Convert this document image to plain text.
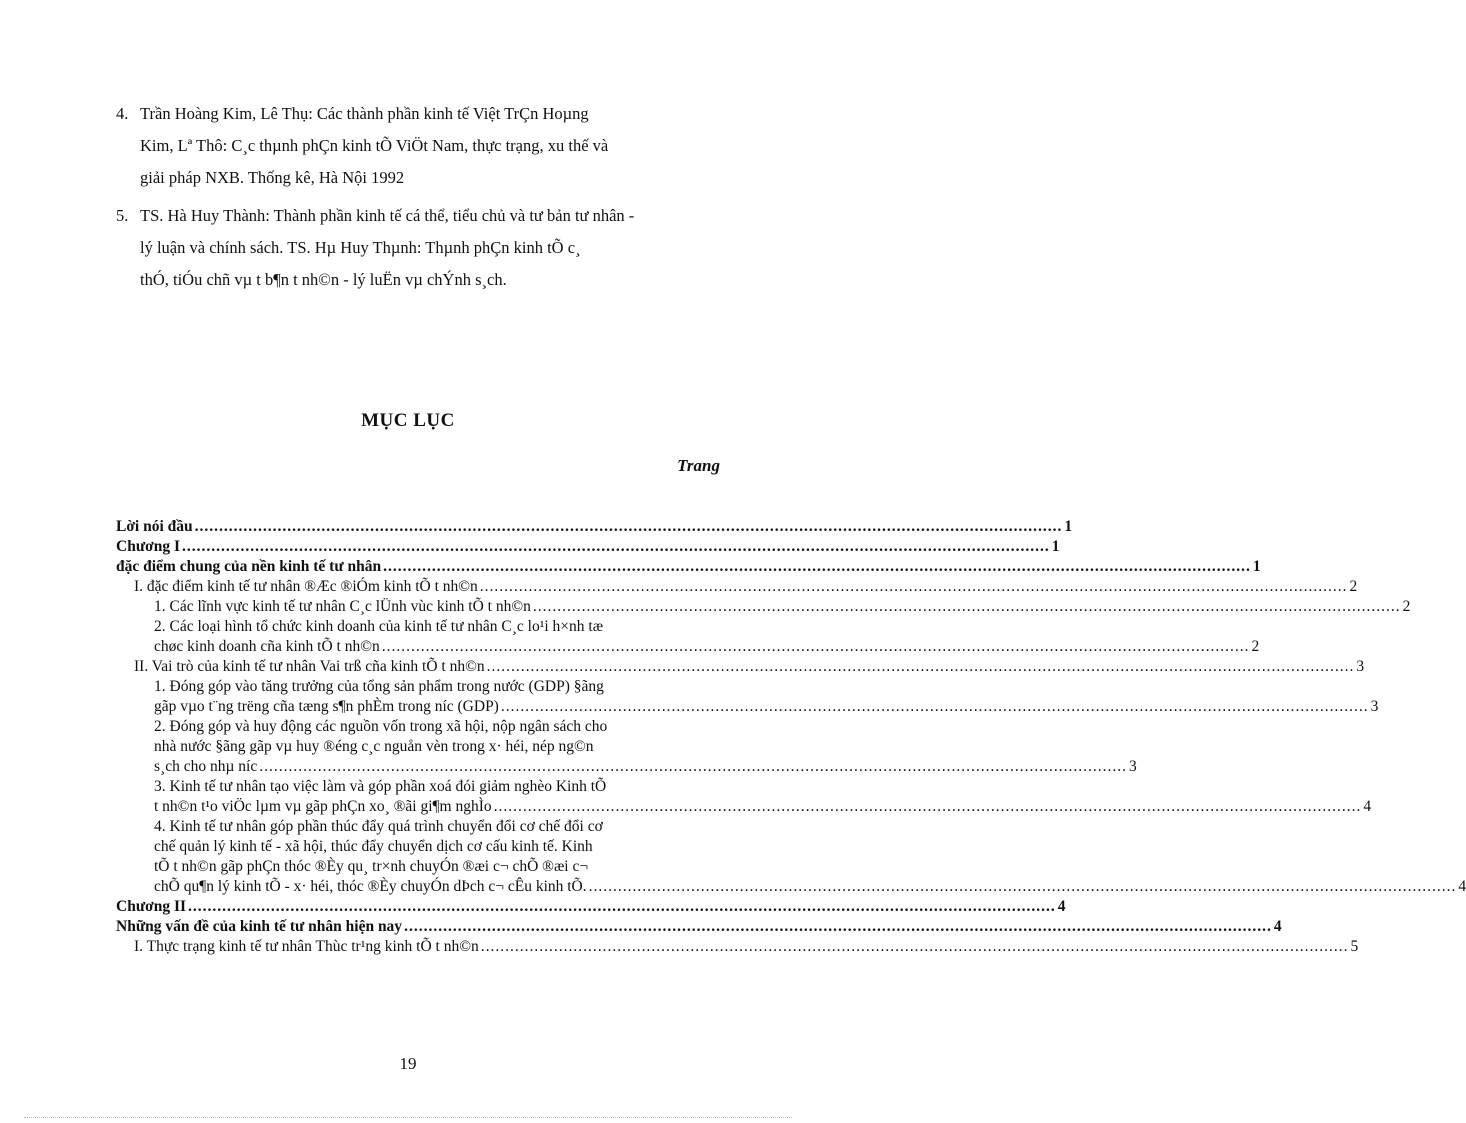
4. Trần Hoàng Kim, Lê Thụ: Các thành phần kinh tế Việt TrÇn Hoµng
Kim, Lª Thô: C¸c thµnh phÇn kinh tÕ ViÖt Nam, thực trạng, xu thế và
giải pháp NXB. Thống kê, Hà Nội 1992
5. TS. Hà Huy Thành: Thành phần kinh tế cá thể, tiểu chủ và tư bản tư nhân -
lý luận và chính sách. TS. Hµ Huy Thµnh: Thµnh phÇn kinh tÕ c¸
thÓ, tiÓu chñ vµ t b¶n t nh©n - lý luËn vµ chÝnh s¸ch.
MỤC LỤC
Trang
Lời nói đầu .................................................................................................................................................................................. 1
Chương I .................................................................................................................................................................................. 1
đặc điểm chung của nền kinh tế tư nhân .................................................................................................................................................................................. 1
I. đặc điểm kinh tế tư nhân ®Æc ®iÓm kinh tÕ t nh©n .................................................................................................................................................................................. 2
1. Các lĩnh vực kinh tế tư nhân C¸c lÜnh vùc kinh tÕ t nh©n .................................................................................................................................................................................. 2
2. Các loại hình tổ chức kinh doanh của kinh tế tư nhân C¸c lo¹i h×nh tæ
chøc kinh doanh cña kinh tÕ t nh©n .................................................................................................................................................................................. 2
II. Vai trò của kinh tế tư nhân Vai trß cña kinh tÕ t nh©n .................................................................................................................................................................................. 3
1. Đóng góp vào tăng trưởng của tổng sản phẩm trong nước (GDP) §ãng
gãp vµo t¨ng trëng cña tæng s¶n phÈm trong níc (GDP) .................................................................................................................................................................................. 3
2. Đóng góp và huy động các nguồn vốn trong xã hội, nộp ngân sách cho
nhà nước §ãng gãp vµ huy ®éng c¸c nguån vèn trong x· héi, nép ng©n
s¸ch cho nhµ níc .................................................................................................................................................................................. 3
3. Kinh tế tư nhân tạo việc làm và góp phần xoá đói giảm nghèo Kinh tÕ
t nh©n t¹o viÖc lµm vµ gãp phÇn xo¸ ®ãi gi¶m nghÌo .................................................................................................................................................................................. 4
4. Kinh tế tư nhân góp phần thúc đẩy quá trình chuyển đổi cơ chế đổi cơ
chế quản lý kinh tế - xã hội, thúc đẩy chuyển dịch cơ cấu kinh tế. Kinh
tÕ t nh©n gãp phÇn thóc ®Èy qu¸ tr×nh chuyÓn ®æi c¬ chÕ ®æi c¬
chÕ qu¶n lý kinh tÕ - x· héi, thóc ®Èy chuyÓn dÞch c¬ cÊu kinh tÕ. .................................................................................................................................................................................. 4
Chương II .................................................................................................................................................................................. 4
Những vấn đề của kinh tế tư nhân hiện nay .................................................................................................................................................................................. 4
I. Thực trạng kinh tế tư nhân Thùc tr¹ng kinh tÕ t nh©n .................................................................................................................................................................................. 5
19
